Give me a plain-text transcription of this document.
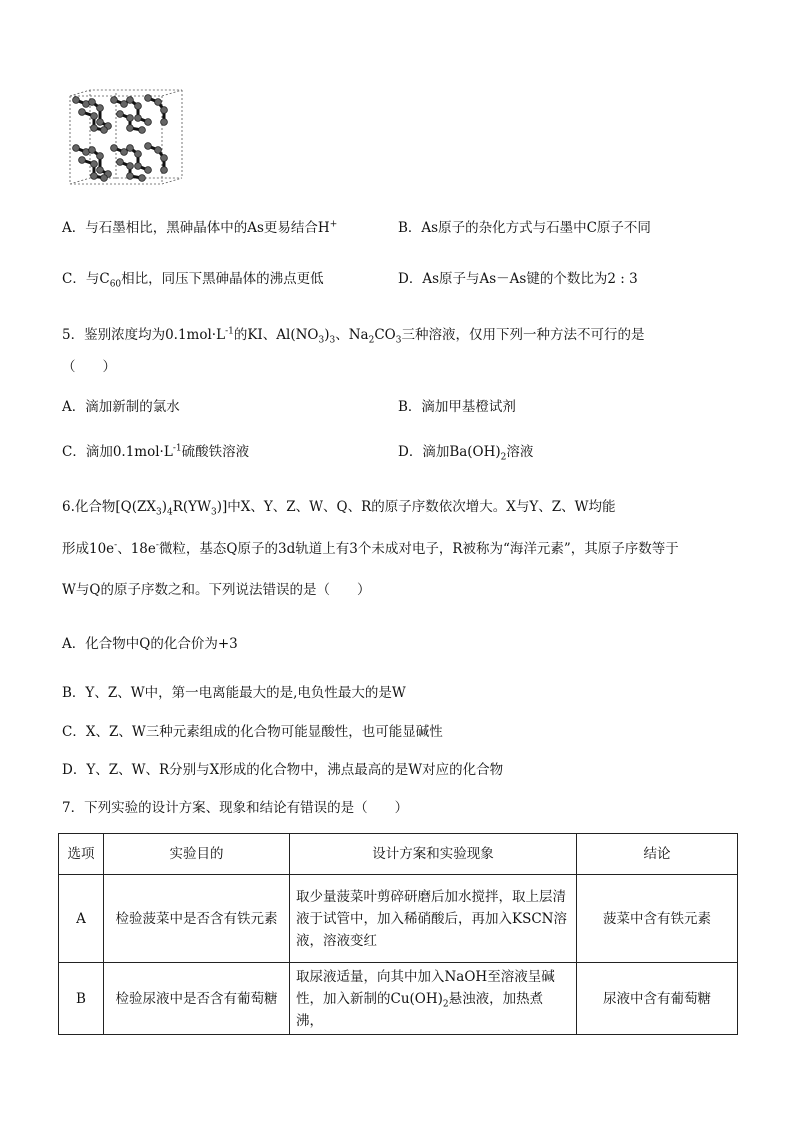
A．与石墨相比，黑砷晶体中的As更易结合H+	B．As原子的杂化方式与石墨中C原子不同
C．与$C_{60}$相比，同压下黑砷晶体的沸点更低	D．As原子与As－As键的个数比为2 : 3
5．鉴别浓度均为$0.1mol\cdot L^{-1}$的KI、$Al(NO_3)_3$、$Na_2CO_3$三种溶液，仅用下列一种方法不可行的是
（　　）
A．滴加新制的氯水	B．滴加甲基橙试剂
C．滴加$0.1mol\cdot L^{-1}$硫酸铁溶液	D．滴加$Ba(OH)_2$溶液
6.化合物$[Q(ZX_3)_4R(YW_3)]$中X、Y、Z、W、Q、R的原子序数依次增大。X与Y、Z、W均能
形成10e-、18e-微粒，基态Q原子的3d轨道上有3个未成对电子，R被称为“海洋元素”，其原子序数等于
W与Q的原子序数之和。下列说法错误的是（　　）
A．化合物中Q的化合价为+3
B．Y、Z、W中，第一电离能最大的是,电负性最大的是W
C．X、Z、W三种元素组成的化合物可能显酸性，也可能显碱性
D．Y、Z、W、R分别与X形成的化合物中，沸点最高的是W对应的化合物
7．下列实验的设计方案、现象和结论有错误的是（　　）
选项	实验目的	设计方案和实验现象	结论
A	检验菠菜中是否含有铁元素	取少量菠菜叶剪碎研磨后加水搅拌，取上层清液于试管中，加入稀硝酸后，再加入KSCN溶液，溶液变红	菠菜中含有铁元素
B	检验尿液中是否含有葡萄糖	取尿液适量，向其中加入NaOH至溶液呈碱性，加入新制的$Cu(OH)_2$悬浊液，加热煮沸，	尿液中含有葡萄糖
